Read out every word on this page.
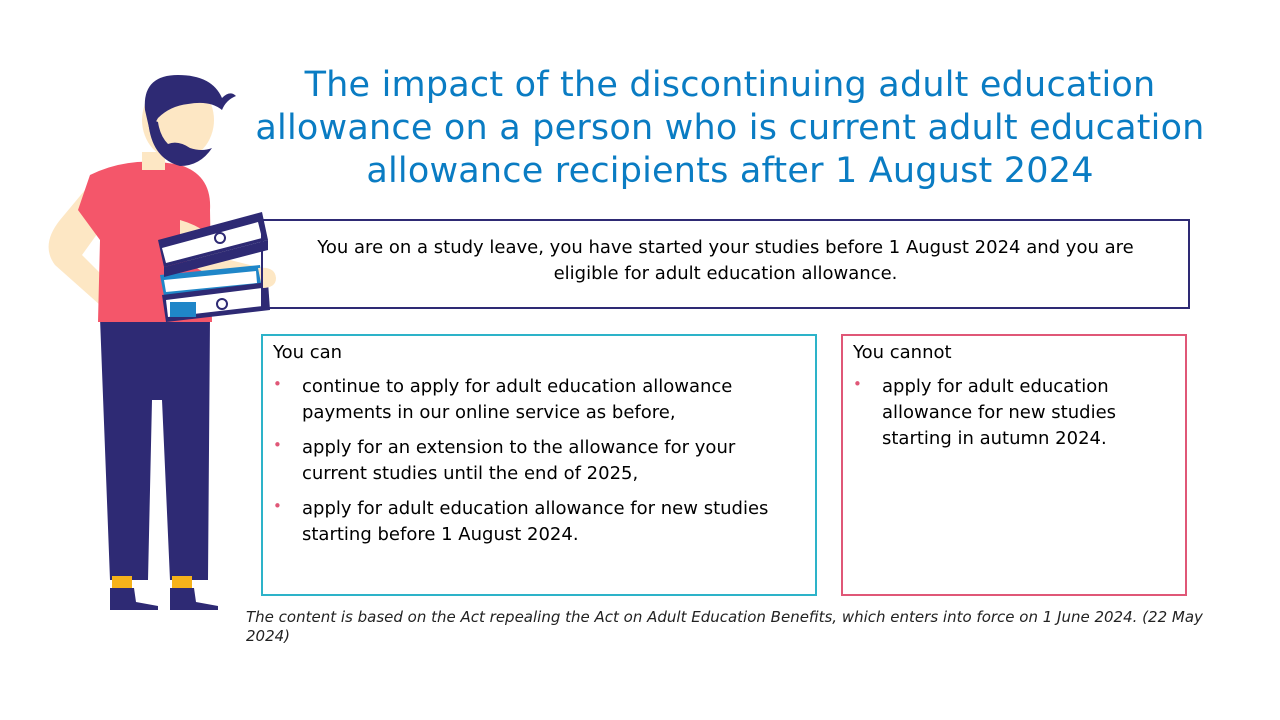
The impact of the discontinuing adult education allowance on a person who is current adult education allowance recipients after 1 August 2024
You are on a study leave, you have started your studies before 1 August 2024 and you are eligible for adult education allowance.
You can
• continue to apply for adult education allowance payments in our online service as before,
• apply for an extension to the allowance for your current studies until the end of 2025,
• apply for adult education allowance for new studies starting before 1 August 2024.
You cannot
• apply for adult education allowance for new studies starting in autumn 2024.
The content is based on the Act repealing the Act on Adult Education Benefits, which enters into force on 1 June 2024. (22 May 2024)
